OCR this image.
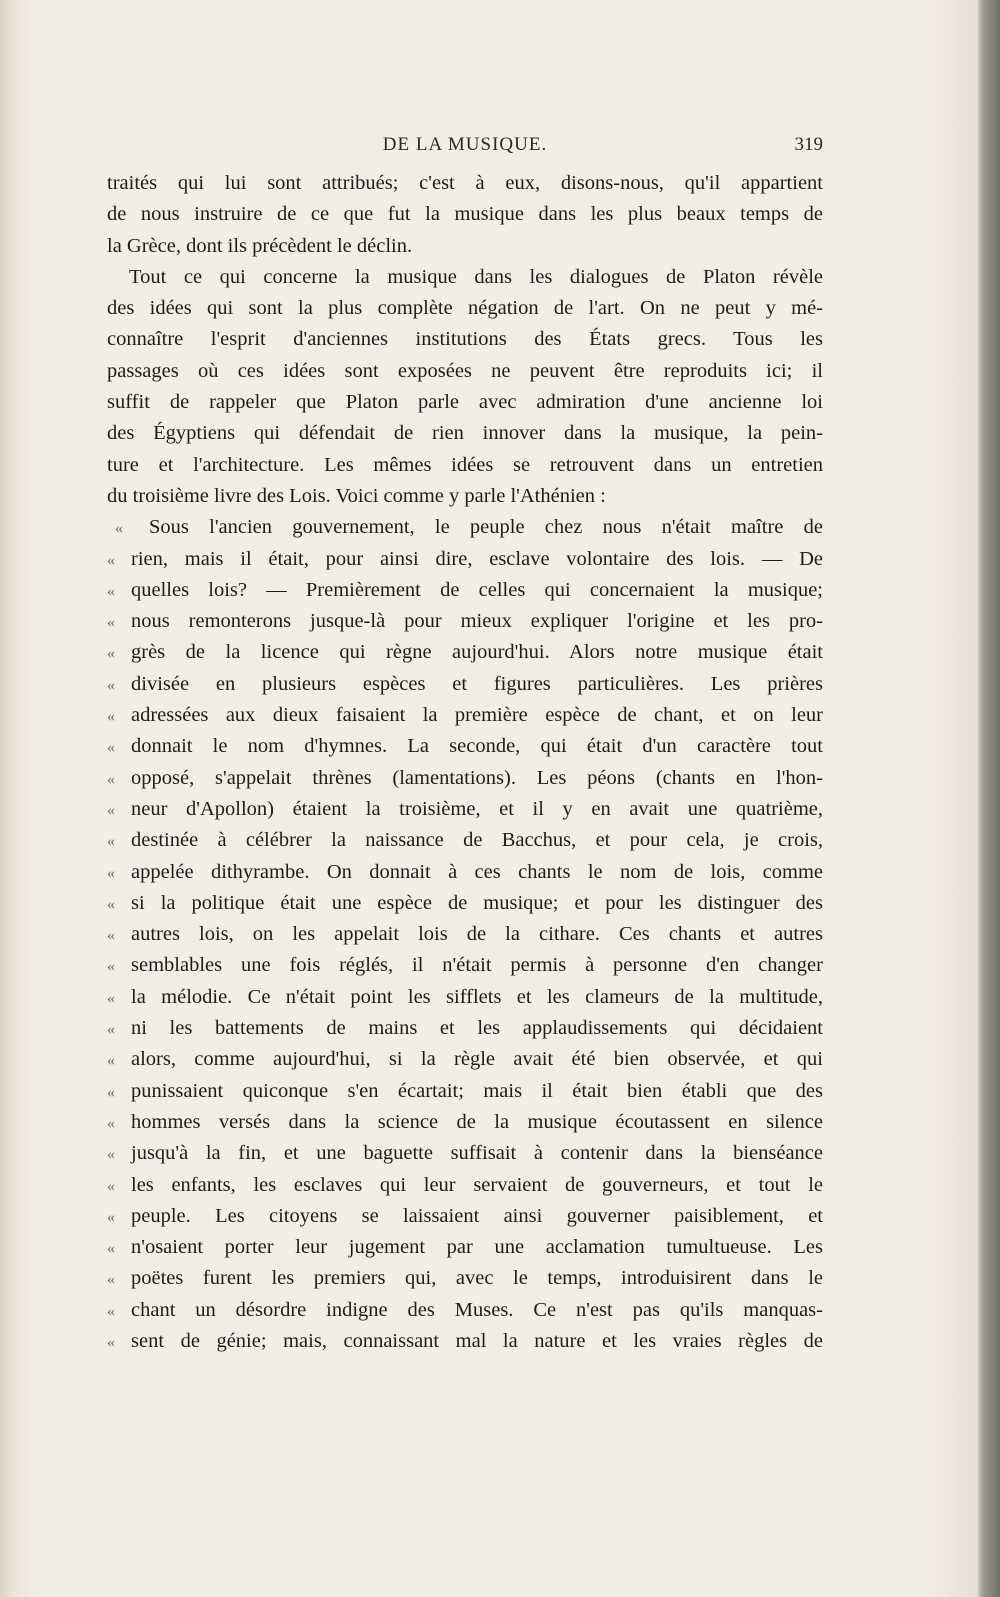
DE LA MUSIQUE.	319
traités qui lui sont attribués; c'est à eux, disons-nous, qu'il appartient
de nous instruire de ce que fut la musique dans les plus beaux temps de
la Grèce, dont ils précèdent le déclin.
Tout ce qui concerne la musique dans les dialogues de Platon révèle
des idées qui sont la plus complète négation de l'art. On ne peut y mé-
connaître l'esprit d'anciennes institutions des États grecs. Tous les
passages où ces idées sont exposées ne peuvent être reproduits ici; il
suffit de rappeler que Platon parle avec admiration d'une ancienne loi
des Égyptiens qui défendait de rien innover dans la musique, la pein-
ture et l'architecture. Les mêmes idées se retrouvent dans un entretien
du troisième livre des Lois. Voici comme y parle l'Athénien :
«	Sous l'ancien gouvernement, le peuple chez nous n'était maître de
« rien, mais il était, pour ainsi dire, esclave volontaire des lois. — De
« quelles lois? — Premièrement de celles qui concernaient la musique;
« nous remonterons jusque-là pour mieux expliquer l'origine et les pro-
« grès de la licence qui règne aujourd'hui. Alors notre musique était
« divisée en plusieurs espèces et figures particulières. Les prières
« adressées aux dieux faisaient la première espèce de chant, et on leur
« donnait le nom d'hymnes. La seconde, qui était d'un caractère tout
« opposé, s'appelait thrènes (lamentations). Les péons (chants en l'hon-
« neur d'Apollon) étaient la troisième, et il y en avait une quatrième,
« destinée à célébrer la naissance de Bacchus, et pour cela, je crois,
« appelée dithyrambe. On donnait à ces chants le nom de lois, comme
« si la politique était une espèce de musique; et pour les distinguer des
« autres lois, on les appelait lois de la cithare. Ces chants et autres
« semblables une fois réglés, il n'était permis à personne d'en changer
« la mélodie. Ce n'était point les sifflets et les clameurs de la multitude,
« ni les battements de mains et les applaudissements qui décidaient
« alors, comme aujourd'hui, si la règle avait été bien observée, et qui
« punissaient quiconque s'en écartait; mais il était bien établi que des
« hommes versés dans la science de la musique écoutassent en silence
« jusqu'à la fin, et une baguette suffisait à contenir dans la bienséance
« les enfants, les esclaves qui leur servaient de gouverneurs, et tout le
« peuple. Les citoyens se laissaient ainsi gouverner paisiblement, et
« n'osaient porter leur jugement par une acclamation tumultueuse. Les
« poëtes furent les premiers qui, avec le temps, introduisirent dans le
« chant un désordre indigne des Muses. Ce n'est pas qu'ils manquas-
« sent de génie; mais, connaissant mal la nature et les vraies règles de
